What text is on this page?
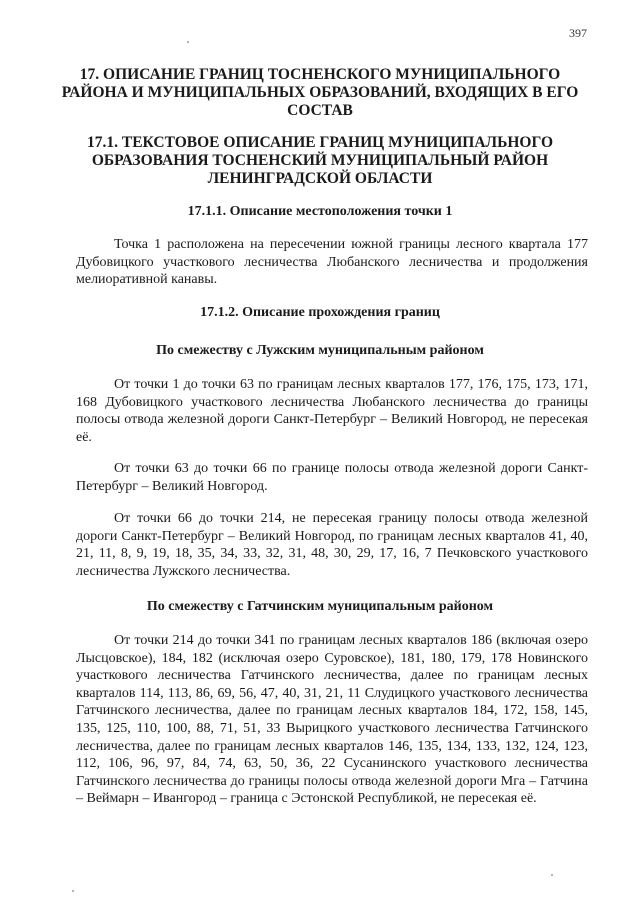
397
17. ОПИСАНИЕ ГРАНИЦ ТОСНЕНСКОГО МУНИЦИПАЛЬНОГО РАЙОНА И МУНИЦИПАЛЬНЫХ ОБРАЗОВАНИЙ, ВХОДЯЩИХ В ЕГО СОСТАВ
17.1. ТЕКСТОВОЕ ОПИСАНИЕ ГРАНИЦ МУНИЦИПАЛЬНОГО ОБРАЗОВАНИЯ ТОСНЕНСКИЙ МУНИЦИПАЛЬНЫЙ РАЙОН ЛЕНИНГРАДСКОЙ ОБЛАСТИ
17.1.1. Описание местоположения точки 1

Точка 1 расположена на пересечении южной границы лесного квартала 177 Дубовицкого участкового лесничества Любанского лесничества и продолжения мелиоративной канавы.

17.1.2. Описание прохождения границ
По смежеству с Лужским муниципальным районом

От точки 1 до точки 63 по границам лесных кварталов 177, 176, 175, 173, 171, 168 Дубовицкого участкового лесничества Любанского лесничества до границы полосы отвода железной дороги Санкт-Петербург – Великий Новгород, не пересекая её.

От точки 63 до точки 66 по границе полосы отвода железной дороги Санкт-Петербург – Великий Новгород.

От точки 66 до точки 214, не пересекая границу полосы отвода железной дороги Санкт-Петербург – Великий Новгород, по границам лесных кварталов 41, 40, 21, 11, 8, 9, 19, 18, 35, 34, 33, 32, 31, 48, 30, 29, 17, 16, 7 Печковского участкового лесничества Лужского лесничества.

По смежеству с Гатчинским муниципальным районом

От точки 214 до точки 341 по границам лесных кварталов 186 (включая озеро Лысцовское), 184, 182 (исключая озеро Суровское), 181, 180, 179, 178 Новинского участкового лесничества Гатчинского лесничества, далее по границам лесных кварталов 114, 113, 86, 69, 56, 47, 40, 31, 21, 11 Слудицкого участкового лесничества Гатчинского лесничества, далее по границам лесных кварталов 184, 172, 158, 145, 135, 125, 110, 100, 88, 71, 51, 33 Вырицкого участкового лесничества Гатчинского лесничества, далее по границам лесных кварталов 146, 135, 134, 133, 132, 124, 123, 112, 106, 96, 97, 84, 74, 63, 50, 36, 22 Сусанинского участкового лесничества Гатчинского лесничества до границы полосы отвода железной дороги Мга – Гатчина – Веймарн – Ивангород – граница с Эстонской Республикой, не пересекая её.
